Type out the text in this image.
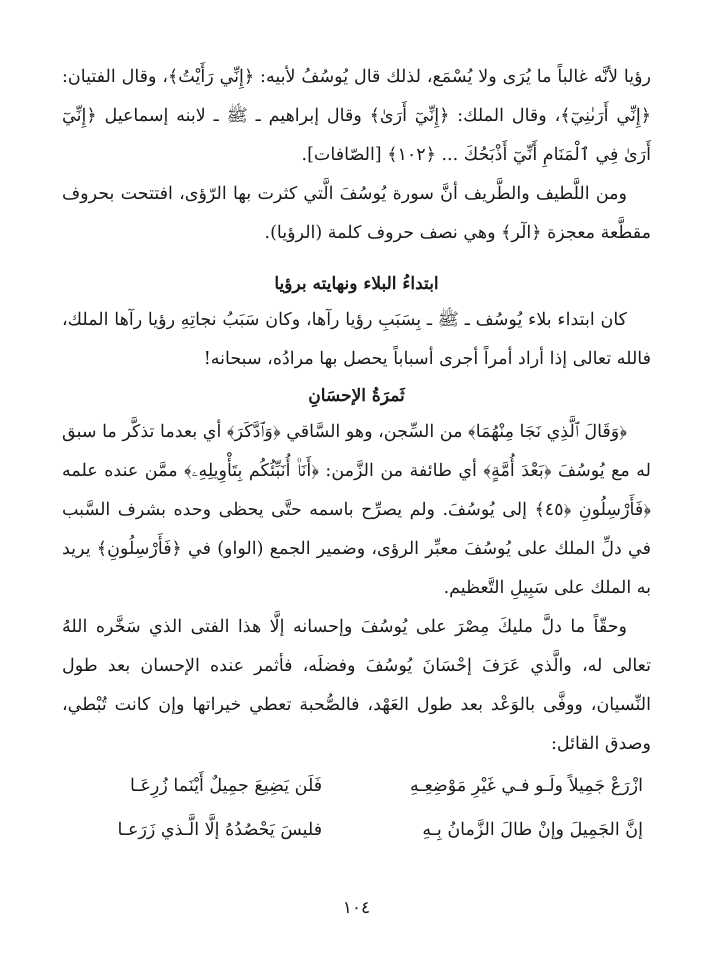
رؤيا لأنَّه غالباً ما يُرَى ولا يُسْمَع، لذلك قال يُوسُفُ لأبيه: ﴿إِنِّي رَأَيْتُ﴾، وقال الفتيان: ﴿إِنِّي أَرَىٰنِيٓ﴾، وقال الملك: ﴿إِنِّيٓ أَرَىٰ﴾ وقال إبراهيم ـ ﷺ ـ لابنه إسماعيل ﴿إِنِّيٓ أَرَىٰ فِي ٱلْمَنَامِ أَنِّيٓ أَذْبَحُكَ ... ﴿١٠٢﴾ [الصّافات].

ومن اللَّطيف والطَّريف أنَّ سورة يُوسُفَ الَّتي كثرت بها الرّؤى، افتتحت بحروف مقطَّعة معجزة ﴿الٓر﴾ وهي نصف حروف كلمة (الرؤيا).

ابتداءُ البلاء ونهايته برؤيا

كان ابتداء بلاء يُوسُف ـ ﷺ ـ بِسَبَبِ رؤيا رآها، وكان سَبَبُ نجاتِهِ رؤيا رآها الملك، فالله تعالى إذا أراد أمراً أجرى أسباباً يحصل بها مرادُه، سبحانه!

ثَمرَةُ الإحسَانِ

﴿وَقَالَ ٱلَّذِي نَجَا مِنْهُمَا﴾ من السِّجن، وهو السَّاقي ﴿وَٱدَّكَرَ﴾ أي بعدما تذكَّر ما سبق له مع يُوسُفَ ﴿بَعْدَ أُمَّةٍ﴾ أي طائفة من الزَّمن: ﴿أَنَا۠ أُنَبِّئُكُم بِتَأْوِيلِهِۦ﴾ ممَّن عنده علمه ﴿فَأَرْسِلُونِ ﴿٤٥﴾ إلى يُوسُفَ. ولم يصرِّح باسمه حتَّى يحظى وحده بشرف السَّبب في دلِّ الملك على يُوسُفَ معبِّر الرؤى، وضمير الجمع (الواو) في ﴿فَأَرْسِلُونِ﴾ يريد به الملك على سَبِيلِ التَّعظيم.

وحقّاً ما دلَّ مليكَ مِصْرَ على يُوسُفَ وإحسانه إلَّا هذا الفتى الذي سَخَّره اللهُ تعالى له، والَّذي عَرَفَ إحْسَانَ يُوسُفَ وفضلَه، فأثمر عنده الإحسان بعد طول النِّسيان، ووفَّى بالوَعْد بعد طول العَهْد، فالصُّحبة تعطي خيراتها وإن كانت تُبْطي، وصدق القائل:

ازْرَعْ جَمِيلاً ولَـو فـي غَيْرِ مَوْضِعِـهِ
فَلَن يَضِيعَ جمِيلٌ أَيْنَما زُرِعَـا
إنَّ الجَمِيلَ وإنْ طالَ الزَّمانُ بِـهِ
فليسَ يَحْصُدُهُ إلَّا الَّـذي زَرَعـا
١٠٤
